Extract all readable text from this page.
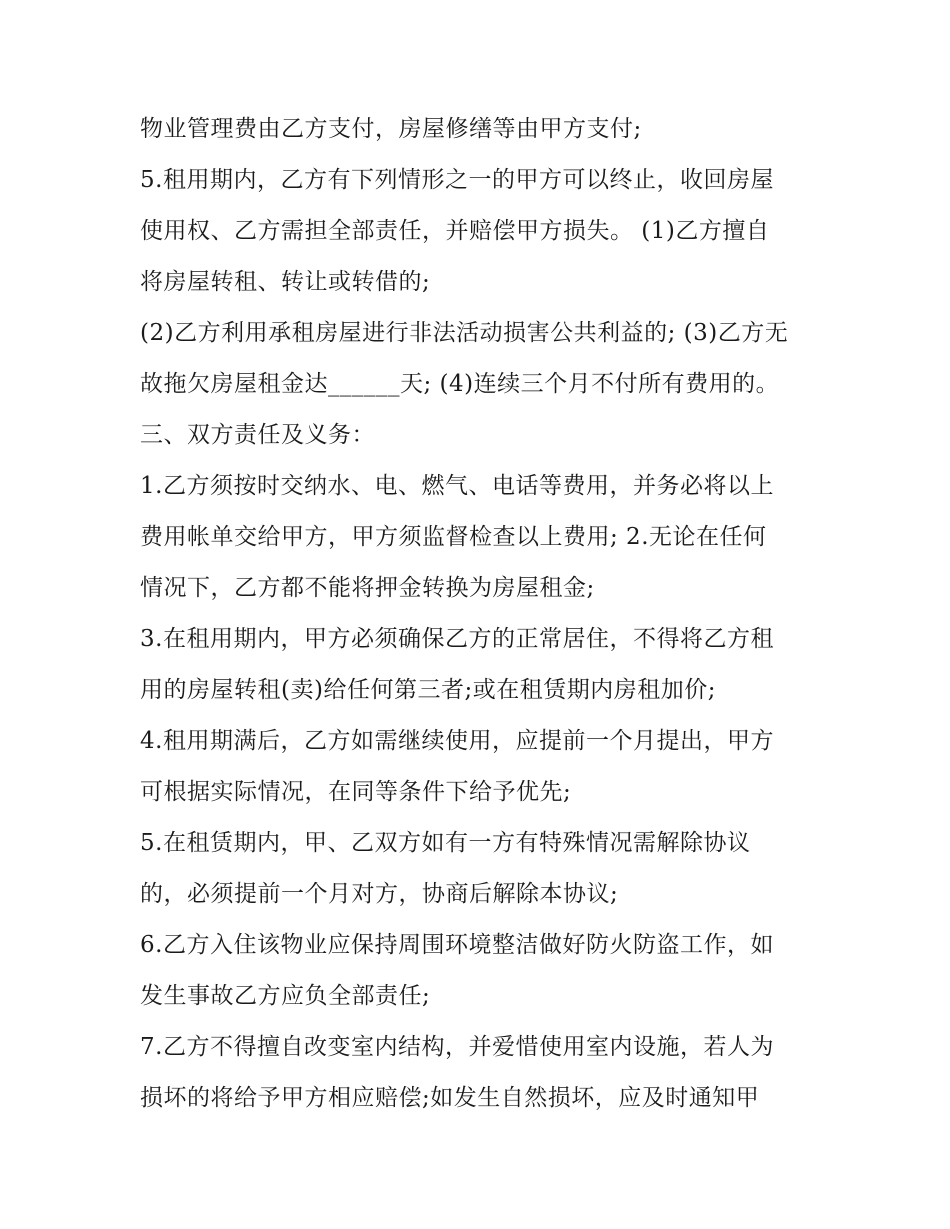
物业管理费由乙方支付，房屋修缮等由甲方支付;
5.租用期内，乙方有下列情形之一的甲方可以终止，收回房屋
使用权、乙方需担全部责任，并赔偿甲方损失。 (1)乙方擅自
将房屋转租、转让或转借的;
(2)乙方利用承租房屋进行非法活动损害公共利益的; (3)乙方无
故拖欠房屋租金达______天; (4)连续三个月不付所有费用的。
三、双方责任及义务：
1.乙方须按时交纳水、电、燃气、电话等费用，并务必将以上
费用帐单交给甲方，甲方须监督检查以上费用; 2.无论在任何
情况下，乙方都不能将押金转换为房屋租金;
3.在租用期内，甲方必须确保乙方的正常居住，不得将乙方租
用的房屋转租(卖)给任何第三者;或在租赁期内房租加价;
4.租用期满后，乙方如需继续使用，应提前一个月提出，甲方
可根据实际情况，在同等条件下给予优先;
5.在租赁期内，甲、乙双方如有一方有特殊情况需解除协议
的，必须提前一个月对方，协商后解除本协议;
6.乙方入住该物业应保持周围环境整洁做好防火防盗工作，如
发生事故乙方应负全部责任;
7.乙方不得擅自改变室内结构，并爱惜使用室内设施，若人为
损坏的将给予甲方相应赔偿;如发生自然损坏，应及时通知甲
